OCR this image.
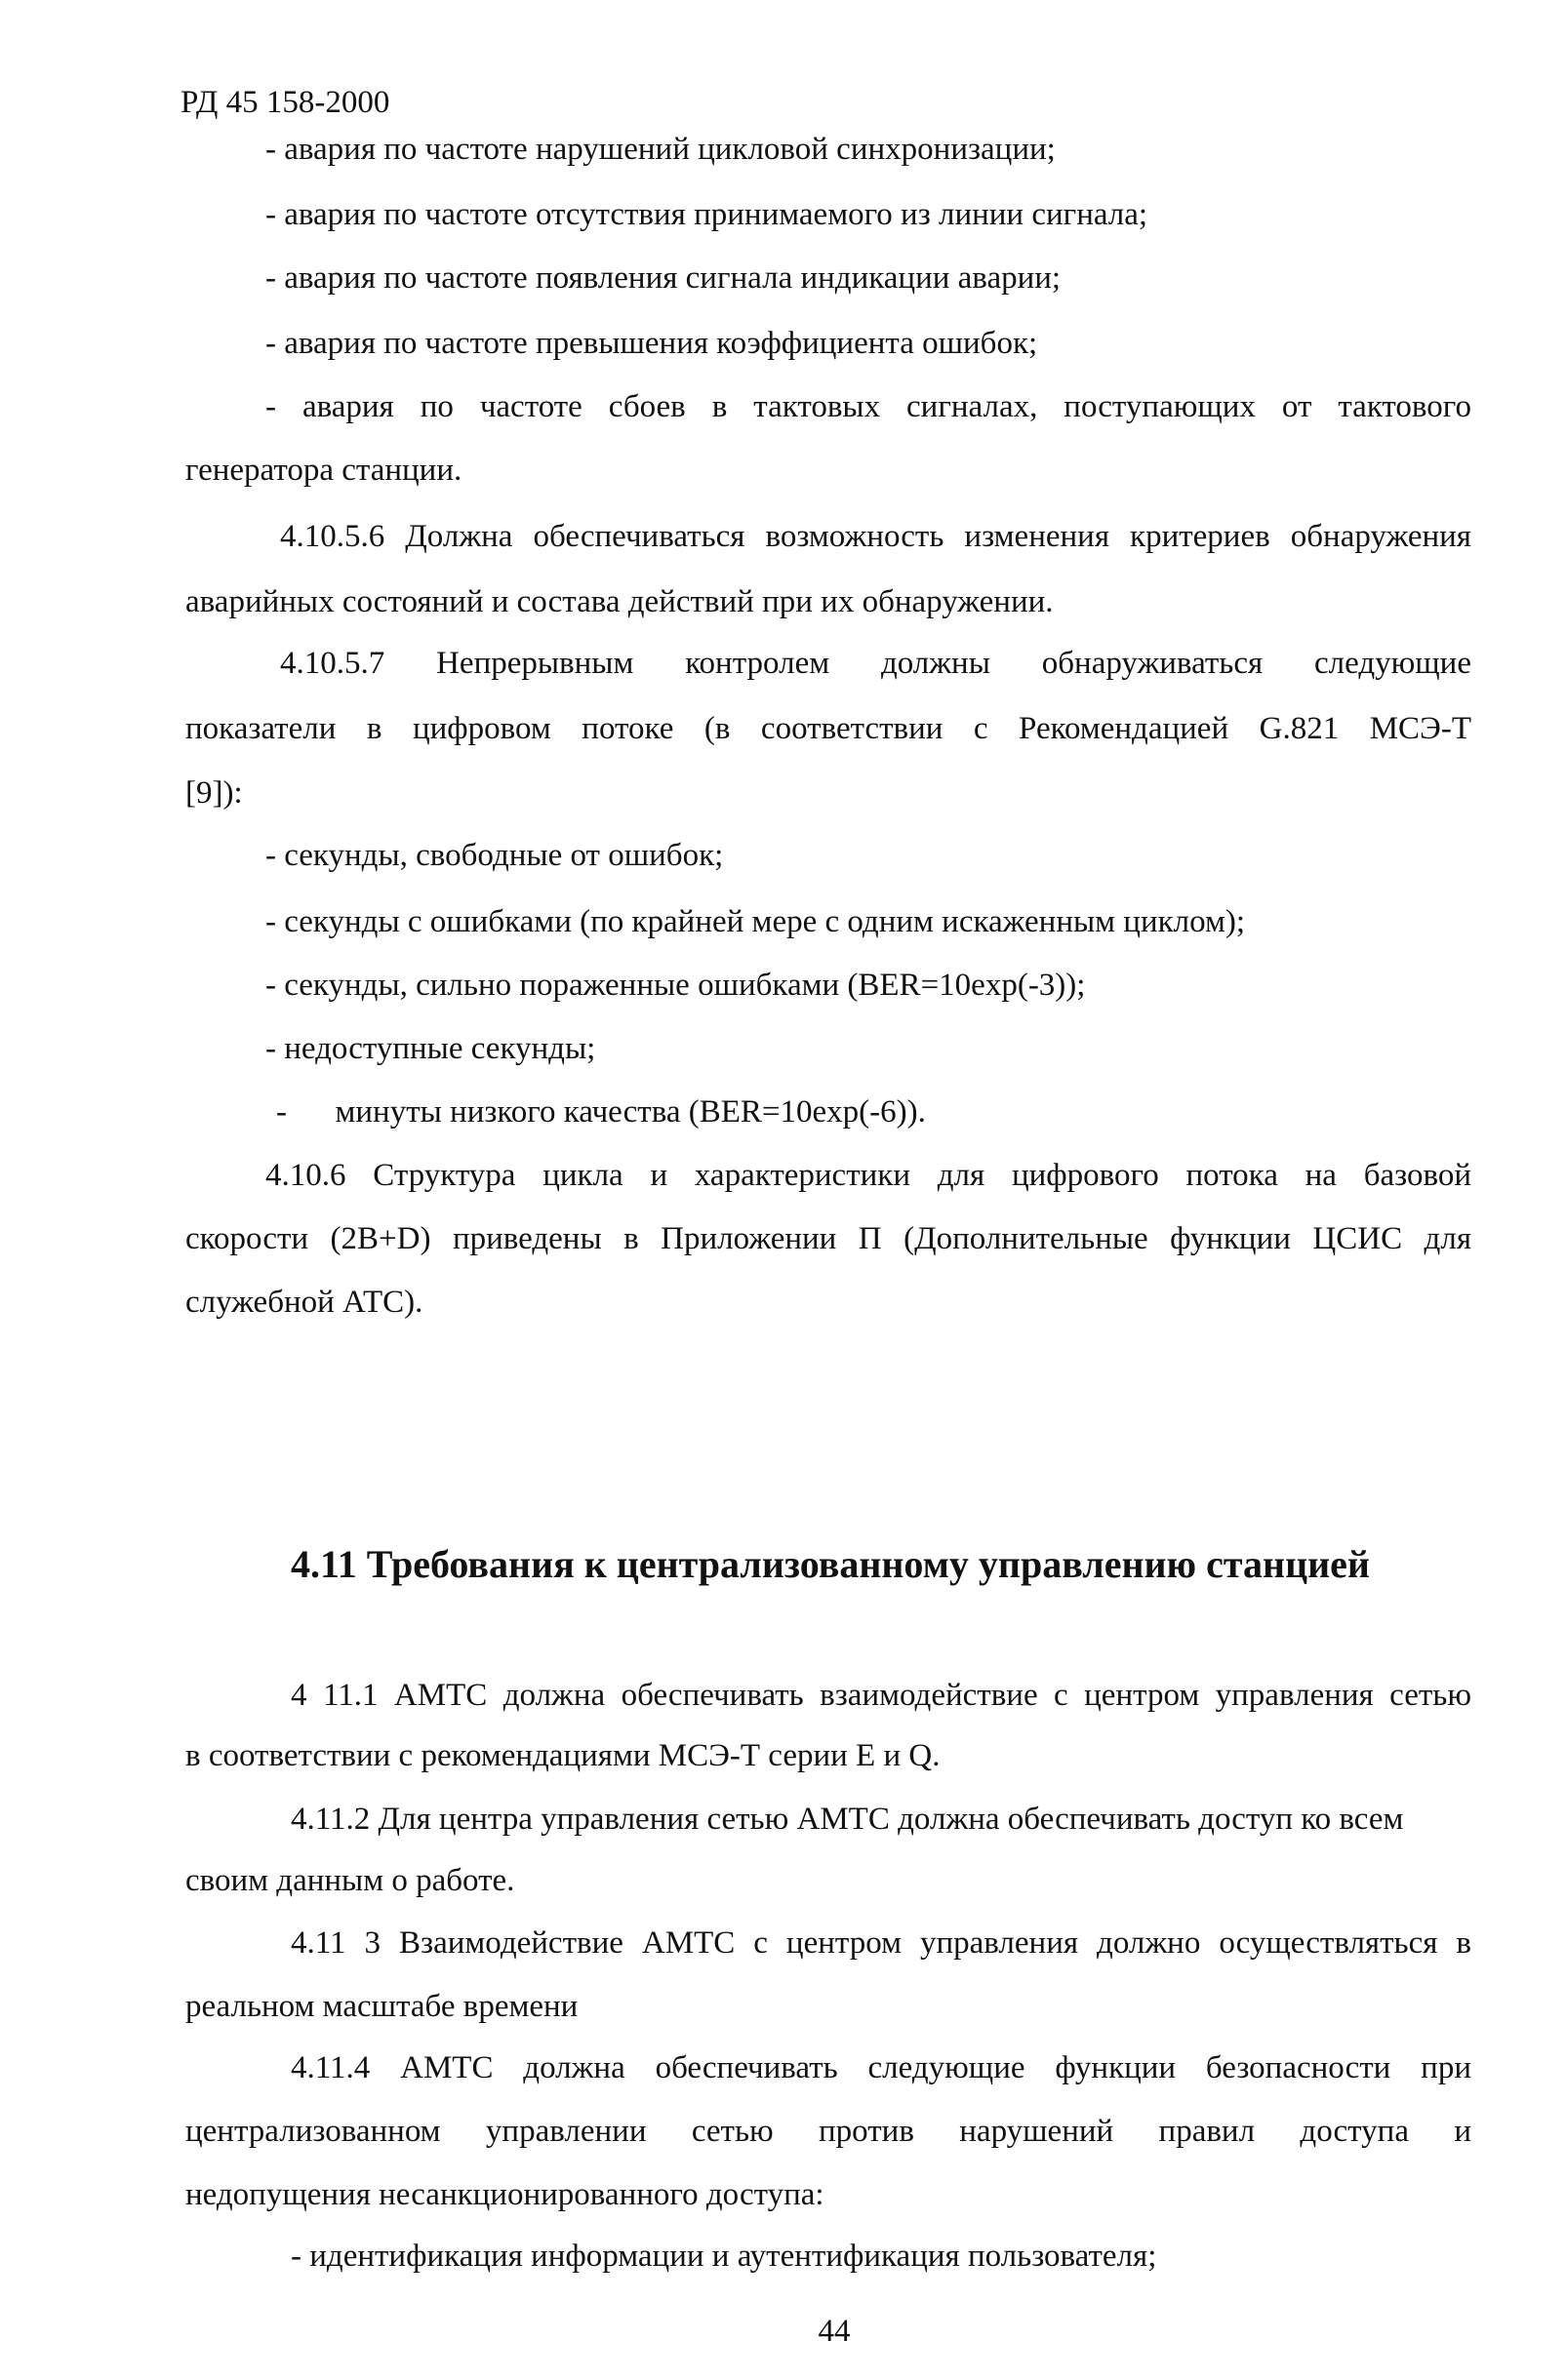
РД 45 158-2000

- авария по частоте нарушений цикловой синхронизации;

- авария по частоте отсутствия принимаемого из линии сигнала;

- авария по частоте появления сигнала индикации аварии;

- авария по частоте превышения коэффициента ошибок;

- авария по частоте сбоев в тактовых сигналах, поступающих от тактового

генератора станции.

4.10.5.6 Должна обеспечиваться возможность изменения критериев обнаружения

аварийных состояний и состава действий при их обнаружении.

4.10.5.7 Непрерывным контролем должны обнаруживаться следующие

показатели в цифровом потоке (в соответствии с Рекомендацией G.821 МСЭ-Т

[9]):

- секунды, свободные от ошибок;

- секунды с ошибками (по крайней мере с одним искаженным циклом);

- секунды, сильно пораженные ошибками (BER=10exp(-3));

- недоступные секунды;

-      минуты низкого качества (BER=10exp(-6)).

4.10.6 Структура цикла и характеристики для цифрового потока на базовой

скорости (2B+D) приведены в Приложении П (Дополнительные функции ЦСИС для

служебной АТС).

4.11 Требования к централизованному управлению станцией

4 11.1 АМТС должна обеспечивать взаимодействие с центром управления сетью

в соответствии с рекомендациями МСЭ-Т серии Е и Q.

4.11.2 Для центра управления сетью АМТС должна обеспечивать доступ ко всем

своим данным о работе.

4.11 3 Взаимодействие АМТС с центром управления должно осуществляться в

реальном масштабе времени

4.11.4 АМТС должна обеспечивать следующие функции безопасности при

централизованном управлении сетью против нарушений правил доступа и

недопущения несанкционированного доступа:

- идентификация информации и аутентификация пользователя;

44
